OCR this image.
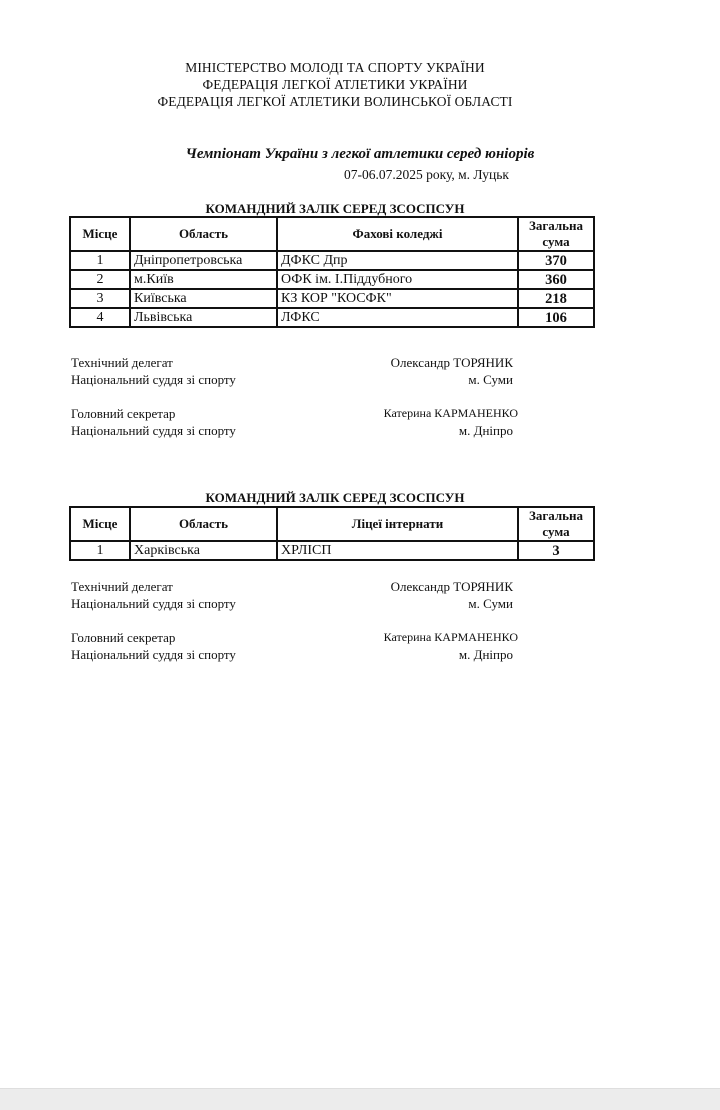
МІНІСТЕРСТВО МОЛОДІ ТА СПОРТУ УКРАЇНИ
ФЕДЕРАЦІЯ ЛЕГКОЇ АТЛЕТИКИ УКРАЇНИ
ФЕДЕРАЦІЯ ЛЕГКОЇ АТЛЕТИКИ ВОЛИНСЬКОЇ ОБЛАСТІ
Чемпіонат України з легкої атлетики серед юніорів
07-06.07.2025 року, м. Луцьк
КОМАНДНИЙ ЗАЛІК СЕРЕД ЗСОСПСУН
Місце	Область	Фахові коледжі	Загальна
сума
1	Дніпропетровська	ДФКС Дпр	370
2	м.Київ	ОФК ім. І.Піддубного	360
3	Київська	КЗ КОР "КОСФК"	218
4	Львівська	ЛФКС	106
Технічний делегат	Олександр ТОРЯНИК
Національний суддя зі спорту	м. Суми
Головний секретар	Катерина КАРМАНЕНКО
Національний суддя зі спорту	м. Дніпро
КОМАНДНИЙ ЗАЛІК СЕРЕД ЗСОСПСУН
Місце	Область	Ліцеї інтернати	Загальна
сума
1	Харківська	ХРЛІСП	3
Технічний делегат	Олександр ТОРЯНИК
Національний суддя зі спорту	м. Суми
Головний секретар	Катерина КАРМАНЕНКО
Національний суддя зі спорту	м. Дніпро
